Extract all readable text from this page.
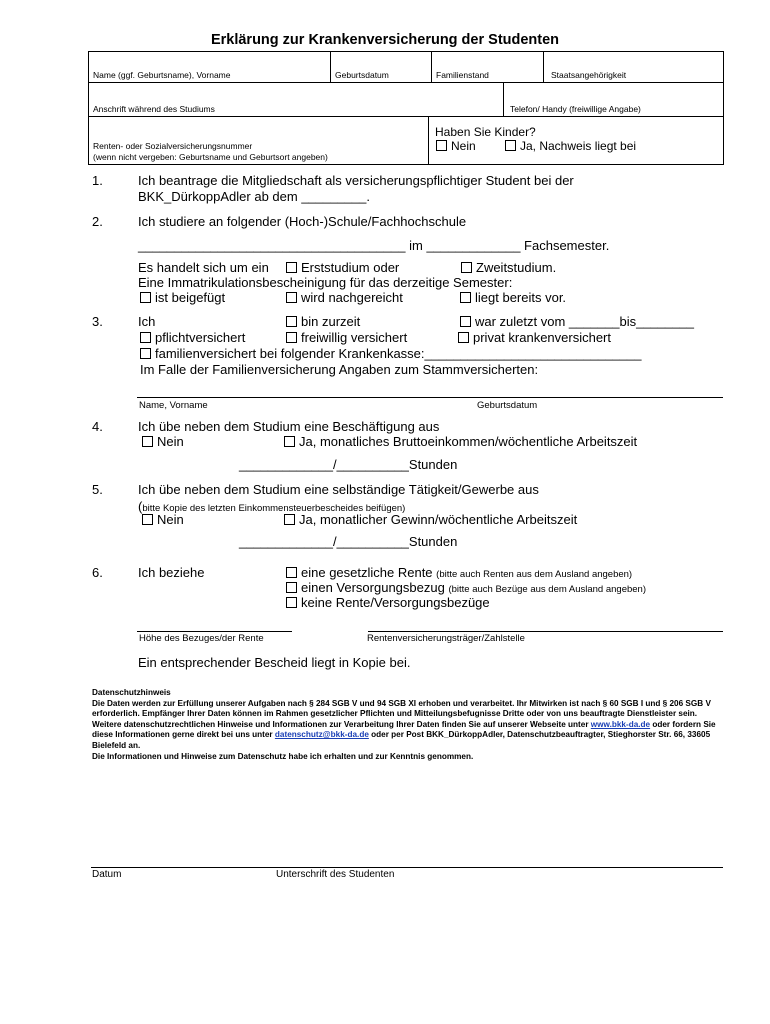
Erklärung zur Krankenversicherung der Studenten
Name (ggf. Geburtsname), Vorname	Geburtsdatum	Familienstand	Staatsangehörigkeit
Anschrift während des Studiums	Telefon/ Handy (freiwillige Angabe)
Renten- oder Sozialversicherungsnummer
(wenn nicht vergeben: Geburtsname und Geburtsort angeben)
Haben Sie Kinder?
Nein	Ja, Nachweis liegt bei
1.	Ich beantrage die Mitgliedschaft als versicherungspflichtiger Student bei der
BKK_DürkoppAdler ab dem _________.
2.	Ich studiere an folgender (Hoch-)Schule/Fachhochschule
_____________________________________ im _____________ Fachsemester.
Es handelt sich um ein	Erststudium oder	Zweitstudium.
Eine Immatrikulationsbescheinigung für das derzeitige Semester:
ist beigefügt	wird nachgereicht	liegt bereits vor.
3.	Ich	bin zurzeit	war zuletzt vom _______bis________
pflichtversichert	freiwillig versichert	privat krankenversichert
familienversichert bei folgender Krankenkasse:______________________________
Im Falle der Familienversicherung Angaben zum Stammversicherten:
Name, Vorname	Geburtsdatum
4.	Ich übe neben dem Studium eine Beschäftigung aus
Nein	Ja, monatliches Bruttoeinkommen/wöchentliche Arbeitszeit
_____________/__________Stunden
5.	Ich übe neben dem Studium eine selbständige Tätigkeit/Gewerbe aus
(bitte Kopie des letzten Einkommensteuerbescheides beifügen)
Nein	Ja, monatlicher Gewinn/wöchentliche Arbeitszeit
_____________/__________Stunden
6.	Ich beziehe	eine gesetzliche Rente (bitte auch Renten aus dem Ausland angeben)
einen Versorgungsbezug (bitte auch Bezüge aus dem Ausland angeben)
keine Rente/Versorgungsbezüge
Höhe des Bezuges/der Rente	Rentenversicherungsträger/Zahlstelle
Ein entsprechender Bescheid liegt in Kopie bei.
Datenschutzhinweis
Die Daten werden zur Erfüllung unserer Aufgaben nach § 284 SGB V und 94 SGB XI erhoben und verarbeitet. Ihr Mitwirken ist nach § 60 SGB I und § 206 SGB V erforderlich. Empfänger Ihrer Daten können im Rahmen gesetzlicher Pflichten und Mitteilungsbefugnisse Dritte oder von uns beauftragte Dienstleister sein.
Weitere datenschutzrechtlichen Hinweise und Informationen zur Verarbeitung Ihrer Daten finden Sie auf unserer Webseite unter www.bkk-da.de oder fordern Sie diese Informationen gerne direkt bei uns unter datenschutz@bkk-da.de oder per Post BKK_DürkoppAdler, Datenschutzbeauftragter, Stieghorster Str. 66, 33605 Bielefeld an.
Die Informationen und Hinweise zum Datenschutz habe ich erhalten und zur Kenntnis genommen.
Datum	Unterschrift des Studenten
